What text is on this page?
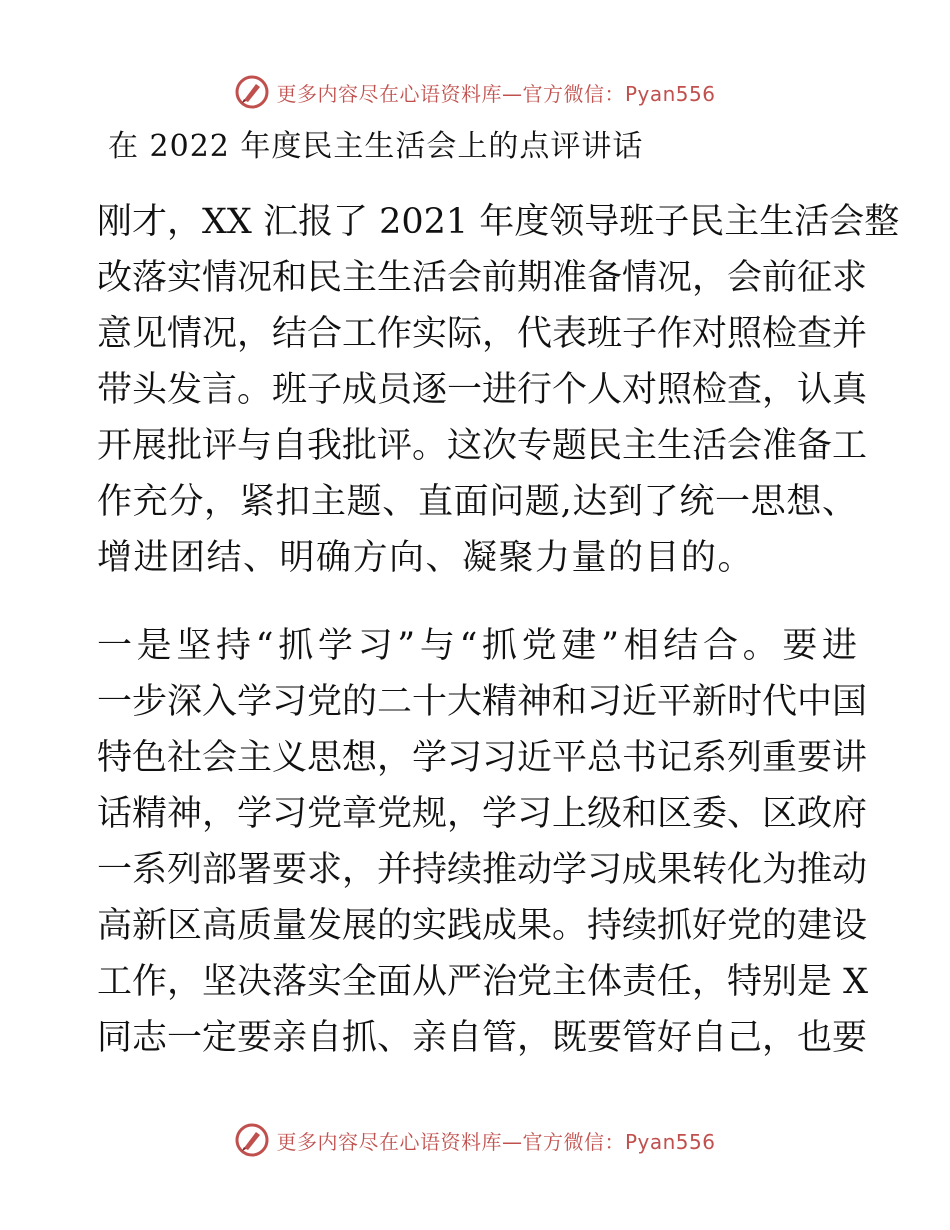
更多内容尽在心语资料库—官方微信：Pyan556
在 2022 年度民主生活会上的点评讲话
刚才，XX 汇报了 2021 年度领导班子民主生活会整
改落实情况和民主生活会前期准备情况，会前征求
意见情况，结合工作实际，代表班子作对照检查并
带头发言。班子成员逐一进行个人对照检查，认真
开展批评与自我批评。这次专题民主生活会准备工
作充分，紧扣主题、直面问题,达到了统一思想、
增进团结、明确方向、凝聚力量的目的。
一是坚持“抓学习”与“抓党建”相结合。要进
一步深入学习党的二十大精神和习近平新时代中国
特色社会主义思想，学习习近平总书记系列重要讲
话精神，学习党章党规，学习上级和区委、区政府
一系列部署要求，并持续推动学习成果转化为推动
高新区高质量发展的实践成果。持续抓好党的建设
工作，坚决落实全面从严治党主体责任，特别是 X
同志一定要亲自抓、亲自管，既要管好自己，也要
更多内容尽在心语资料库—官方微信：Pyan556
